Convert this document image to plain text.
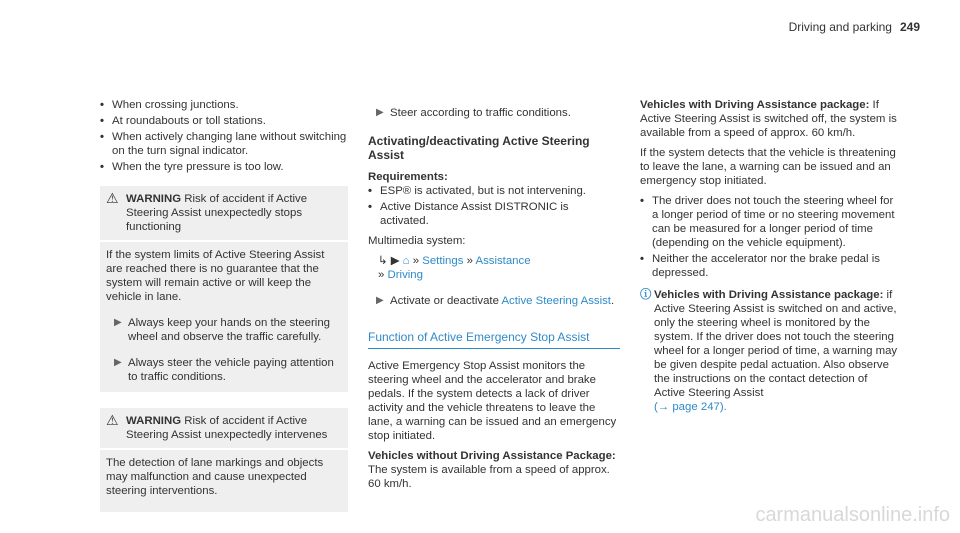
Driving and parking 249
• When crossing junctions.
• At roundabouts or toll stations.
• When actively changing lane without switching on the turn signal indicator.
• When the tyre pressure is too low.
⚠ WARNING Risk of accident if Active Steering Assist unexpectedly stops functioning

If the system limits of Active Steering Assist are reached there is no guarantee that the system will remain active or will keep the vehicle in lane.

▶ Always keep your hands on the steering wheel and observe the traffic carefully.
▶ Always steer the vehicle paying attention to traffic conditions.
⚠ WARNING Risk of accident if Active Steering Assist unexpectedly intervenes

The detection of lane markings and objects may malfunction and cause unexpected steering interventions.

▶ Steer according to traffic conditions.
Activating/deactivating Active Steering Assist
Requirements:
• ESP® is activated, but is not intervening.
• Active Distance Assist DISTRONIC is activated.

Multimedia system:

↳ ▶ ⌂ » Settings » Assistance
» Driving
▶ Activate or deactivate Active Steering Assist.
Function of Active Emergency Stop Assist

Active Emergency Stop Assist monitors the steering wheel and the accelerator and brake pedals. If the system detects a lack of driver activity and the vehicle threatens to leave the lane, a warning can be issued and an emergency stop initiated.

Vehicles without Driving Assistance Package: The system is available from a speed of approx. 60 km/h.

Vehicles with Driving Assistance package: If Active Steering Assist is switched off, the system is available from a speed of approx. 60 km/h.

If the system detects that the vehicle is threatening to leave the lane, a warning can be issued and an emergency stop initiated.

• The driver does not touch the steering wheel for a longer period of time or no steering movement can be measured for a longer period of time (depending on the vehicle equipment).
• Neither the accelerator nor the brake pedal is depressed.
ⓘ Vehicles with Driving Assistance package: if Active Steering Assist is switched on and active, only the steering wheel is monitored by the system. If the driver does not touch the steering wheel for a longer period of time, a warning may be given despite pedal actuation. Also observe the instructions on the contact detection of Active Steering Assist
(→ page 247).
carmanualsonline.info
